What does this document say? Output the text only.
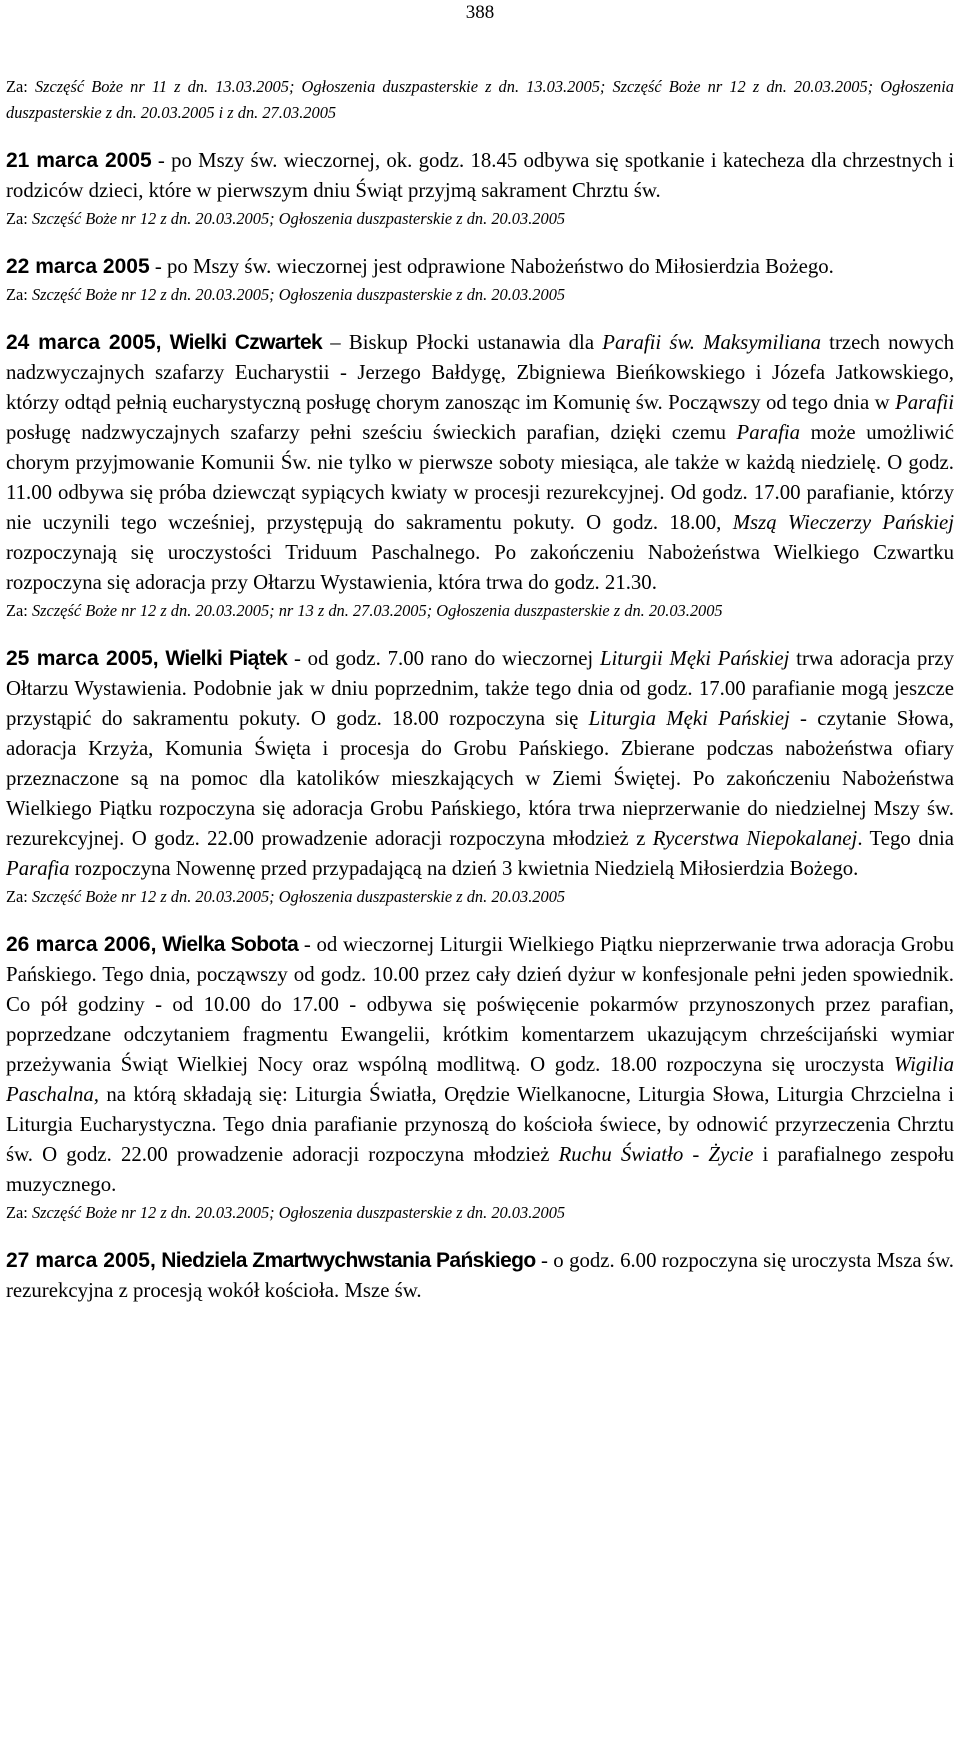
388

Za: Szczęść Boże nr 11 z dn. 13.03.2005; Ogłoszenia duszpasterskie z dn. 13.03.2005; Szczęść Boże nr 12 z dn. 20.03.2005; Ogłoszenia duszpasterskie z dn. 20.03.2005 i z dn. 27.03.2005

21 marca 2005 - po Mszy św. wieczornej, ok. godz. 18.45 odbywa się spotkanie i katecheza dla chrzestnych i rodziców dzieci, które w pierwszym dniu Świąt przyjmą sakrament Chrztu św.

Za: Szczęść Boże nr 12 z dn. 20.03.2005; Ogłoszenia duszpasterskie z dn. 20.03.2005

22 marca 2005 - po Mszy św. wieczornej jest odprawione Nabożeństwo do Miłosierdzia Bożego.

Za: Szczęść Boże nr 12 z dn. 20.03.2005; Ogłoszenia duszpasterskie z dn. 20.03.2005

24 marca 2005, Wielki Czwartek – Biskup Płocki ustanawia dla Parafii św. Maksymiliana trzech nowych nadzwyczajnych szafarzy Eucharystii - Jerzego Bałdygę, Zbigniewa Bieńkowskiego i Józefa Jatkowskiego, którzy odtąd pełnią eucharystyczną posługę chorym zanosząc im Komunię św. Począwszy od tego dnia w Parafii posługę nadzwyczajnych szafarzy pełni sześciu świeckich parafian, dzięki czemu Parafia może umożliwić chorym przyjmowanie Komunii Św. nie tylko w pierwsze soboty miesiąca, ale także w każdą niedzielę. O godz. 11.00 odbywa się próba dziewcząt sypiących kwiaty w procesji rezurekcyjnej. Od godz. 17.00 parafianie, którzy nie uczynili tego wcześniej, przystępują do sakramentu pokuty. O godz. 18.00, Mszą Wieczerzy Pańskiej rozpoczynają się uroczystości Triduum Paschalnego. Po zakończeniu Nabożeństwa Wielkiego Czwartku rozpoczyna się adoracja przy Ołtarzu Wystawienia, która trwa do godz. 21.30.

Za: Szczęść Boże nr 12 z dn. 20.03.2005; nr 13 z dn. 27.03.2005; Ogłoszenia duszpasterskie z dn. 20.03.2005

25 marca 2005, Wielki Piątek - od godz. 7.00 rano do wieczornej Liturgii Męki Pańskiej trwa adoracja przy Ołtarzu Wystawienia. Podobnie jak w dniu poprzednim, także tego dnia od godz. 17.00 parafianie mogą jeszcze przystąpić do sakramentu pokuty. O godz. 18.00 rozpoczyna się Liturgia Męki Pańskiej - czytanie Słowa, adoracja Krzyża, Komunia Święta i procesja do Grobu Pańskiego. Zbierane podczas nabożeństwa ofiary przeznaczone są na pomoc dla katolików mieszkających w Ziemi Świętej. Po zakończeniu Nabożeństwa Wielkiego Piątku rozpoczyna się adoracja Grobu Pańskiego, która trwa nieprzerwanie do niedzielnej Mszy św. rezurekcyjnej. O godz. 22.00 prowadzenie adoracji rozpoczyna młodzież z Rycerstwa Niepokalanej. Tego dnia Parafia rozpoczyna Nowennę przed przypadającą na dzień 3 kwietnia Niedzielą Miłosierdzia Bożego.

Za: Szczęść Boże nr 12 z dn. 20.03.2005; Ogłoszenia duszpasterskie z dn. 20.03.2005

26 marca 2006, Wielka Sobota - od wieczornej Liturgii Wielkiego Piątku nieprzerwanie trwa adoracja Grobu Pańskiego. Tego dnia, począwszy od godz. 10.00 przez cały dzień dyżur w konfesjonale pełni jeden spowiednik. Co pół godziny - od 10.00 do 17.00 - odbywa się poświęcenie pokarmów przynoszonych przez parafian, poprzedzane odczytaniem fragmentu Ewangelii, krótkim komentarzem ukazującym chrześcijański wymiar przeżywania Świąt Wielkiej Nocy oraz wspólną modlitwą. O godz. 18.00 rozpoczyna się uroczysta Wigilia Paschalna, na którą składają się: Liturgia Światła, Orędzie Wielkanocne, Liturgia Słowa, Liturgia Chrzcielna i Liturgia Eucharystyczna. Tego dnia parafianie przynoszą do kościoła świece, by odnowić przyrzeczenia Chrztu św. O godz. 22.00 prowadzenie adoracji rozpoczyna młodzież Ruchu Światło - Życie i parafialnego zespołu muzycznego.

Za: Szczęść Boże nr 12 z dn. 20.03.2005; Ogłoszenia duszpasterskie z dn. 20.03.2005

27 marca 2005, Niedziela Zmartwychwstania Pańskiego - o godz. 6.00 rozpoczyna się uroczysta Msza św. rezurekcyjna z procesją wokół kościoła. Msze św.
